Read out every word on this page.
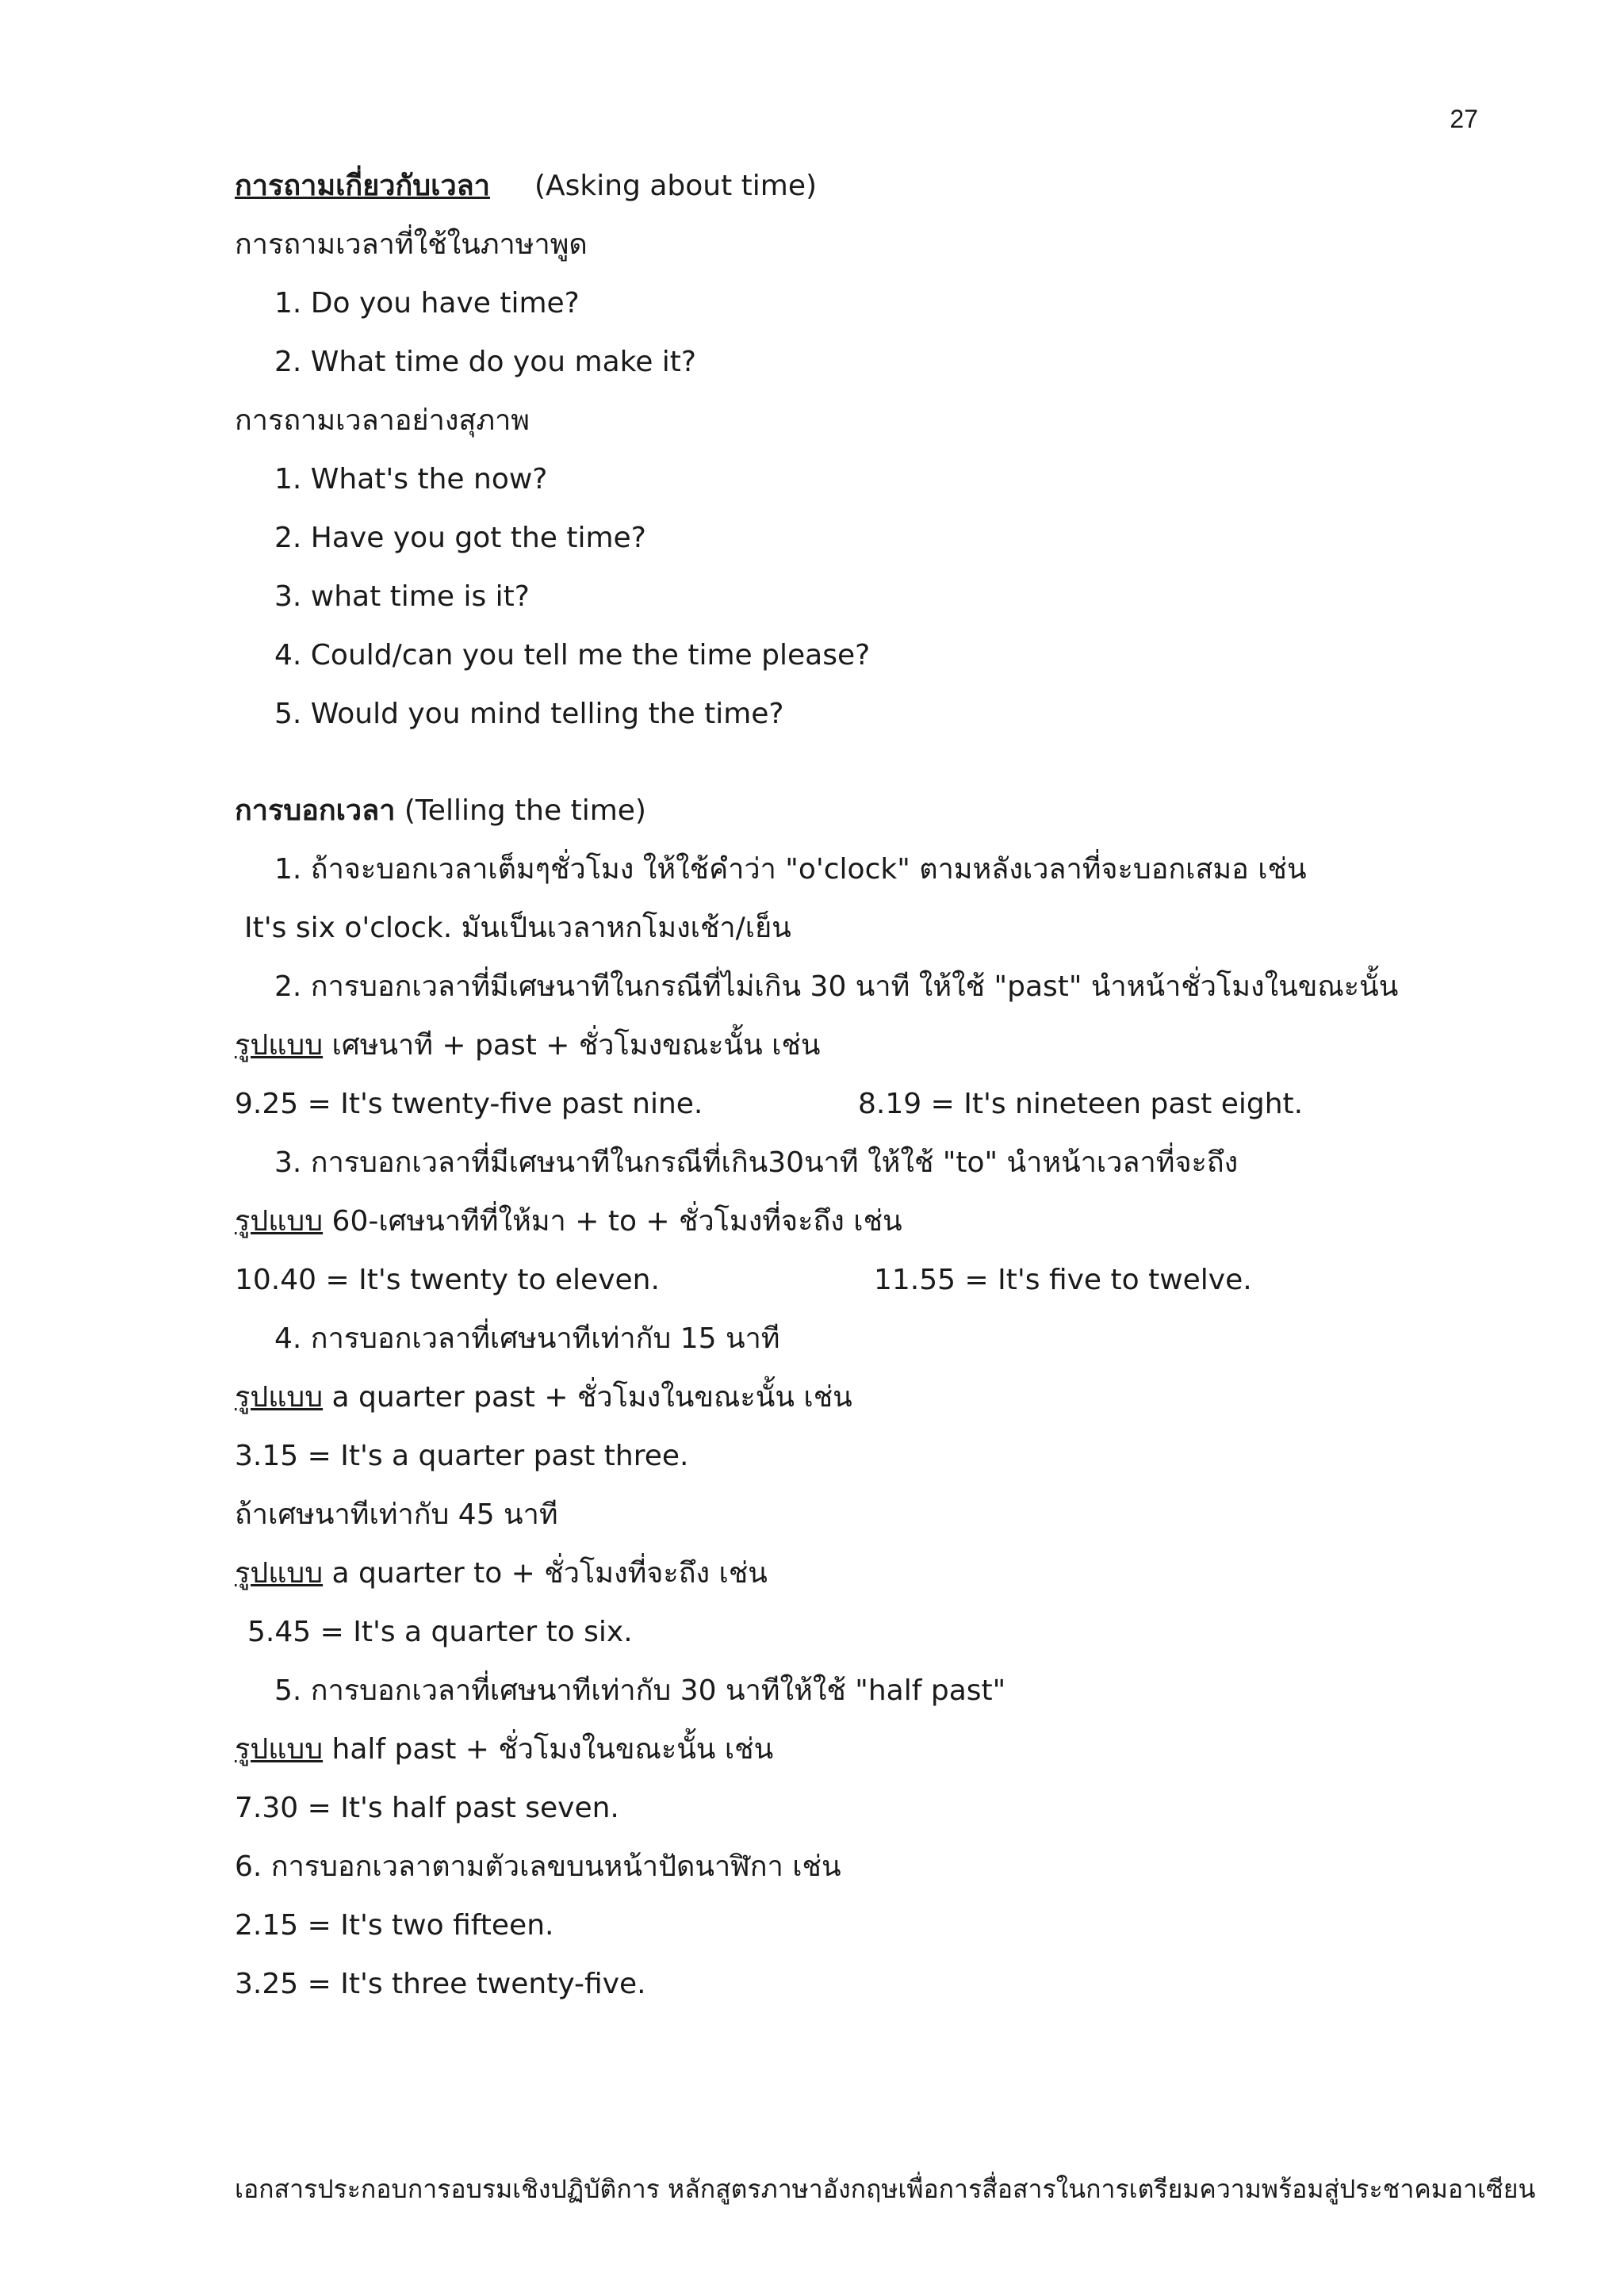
27
การถามเกี่ยวกับเวลา (Asking about time)
การถามเวลาที่ใช้ในภาษาพูด
1. Do you have time?
2. What time do you make it?
การถามเวลาอย่างสุภาพ
1. What's the now?
2. Have you got the time?
3. what time is it?
4. Could/can you tell me the time please?
5. Would you mind telling the time?
การบอกเวลา (Telling the time)
1. ถ้าจะบอกเวลาเต็มๆชั่วโมง ให้ใช้คำว่า "o'clock" ตามหลังเวลาที่จะบอกเสมอ เช่น
It's six o'clock. มันเป็นเวลาหกโมงเช้า/เย็น
2. การบอกเวลาที่มีเศษนาทีในกรณีที่ไม่เกิน 30 นาที ให้ใช้ "past" นำหน้าชั่วโมงในขณะนั้น
รูปแบบ เศษนาที + past + ชั่วโมงขณะนั้น เช่น
9.25 = It's twenty-five past nine.	8.19 = It's nineteen past eight.
3. การบอกเวลาที่มีเศษนาทีในกรณีที่เกิน30นาที ให้ใช้ "to" นำหน้าเวลาที่จะถึง
รูปแบบ 60-เศษนาทีที่ให้มา + to + ชั่วโมงที่จะถึง เช่น
10.40 = It's twenty to eleven.	11.55 = It's five to twelve.
4. การบอกเวลาที่เศษนาทีเท่ากับ 15 นาที
รูปแบบ a quarter past + ชั่วโมงในขณะนั้น เช่น
3.15 = It's a quarter past three.
ถ้าเศษนาทีเท่ากับ 45 นาที
รูปแบบ a quarter to + ชั่วโมงที่จะถึง เช่น
5.45 = It's a quarter to six.
5. การบอกเวลาที่เศษนาทีเท่ากับ 30 นาทีให้ใช้ "half past"
รูปแบบ half past + ชั่วโมงในขณะนั้น เช่น
7.30 = It's half past seven.
6. การบอกเวลาตามตัวเลขบนหน้าปัดนาฬิกา เช่น
2.15 = It's two fifteen.
3.25 = It's three twenty-five.
เอกสารประกอบการอบรมเชิงปฏิบัติการ หลักสูตรภาษาอังกฤษเพื่อการสื่อสารในการเตรียมความพร้อมสู่ประชาคมอาเซียน
